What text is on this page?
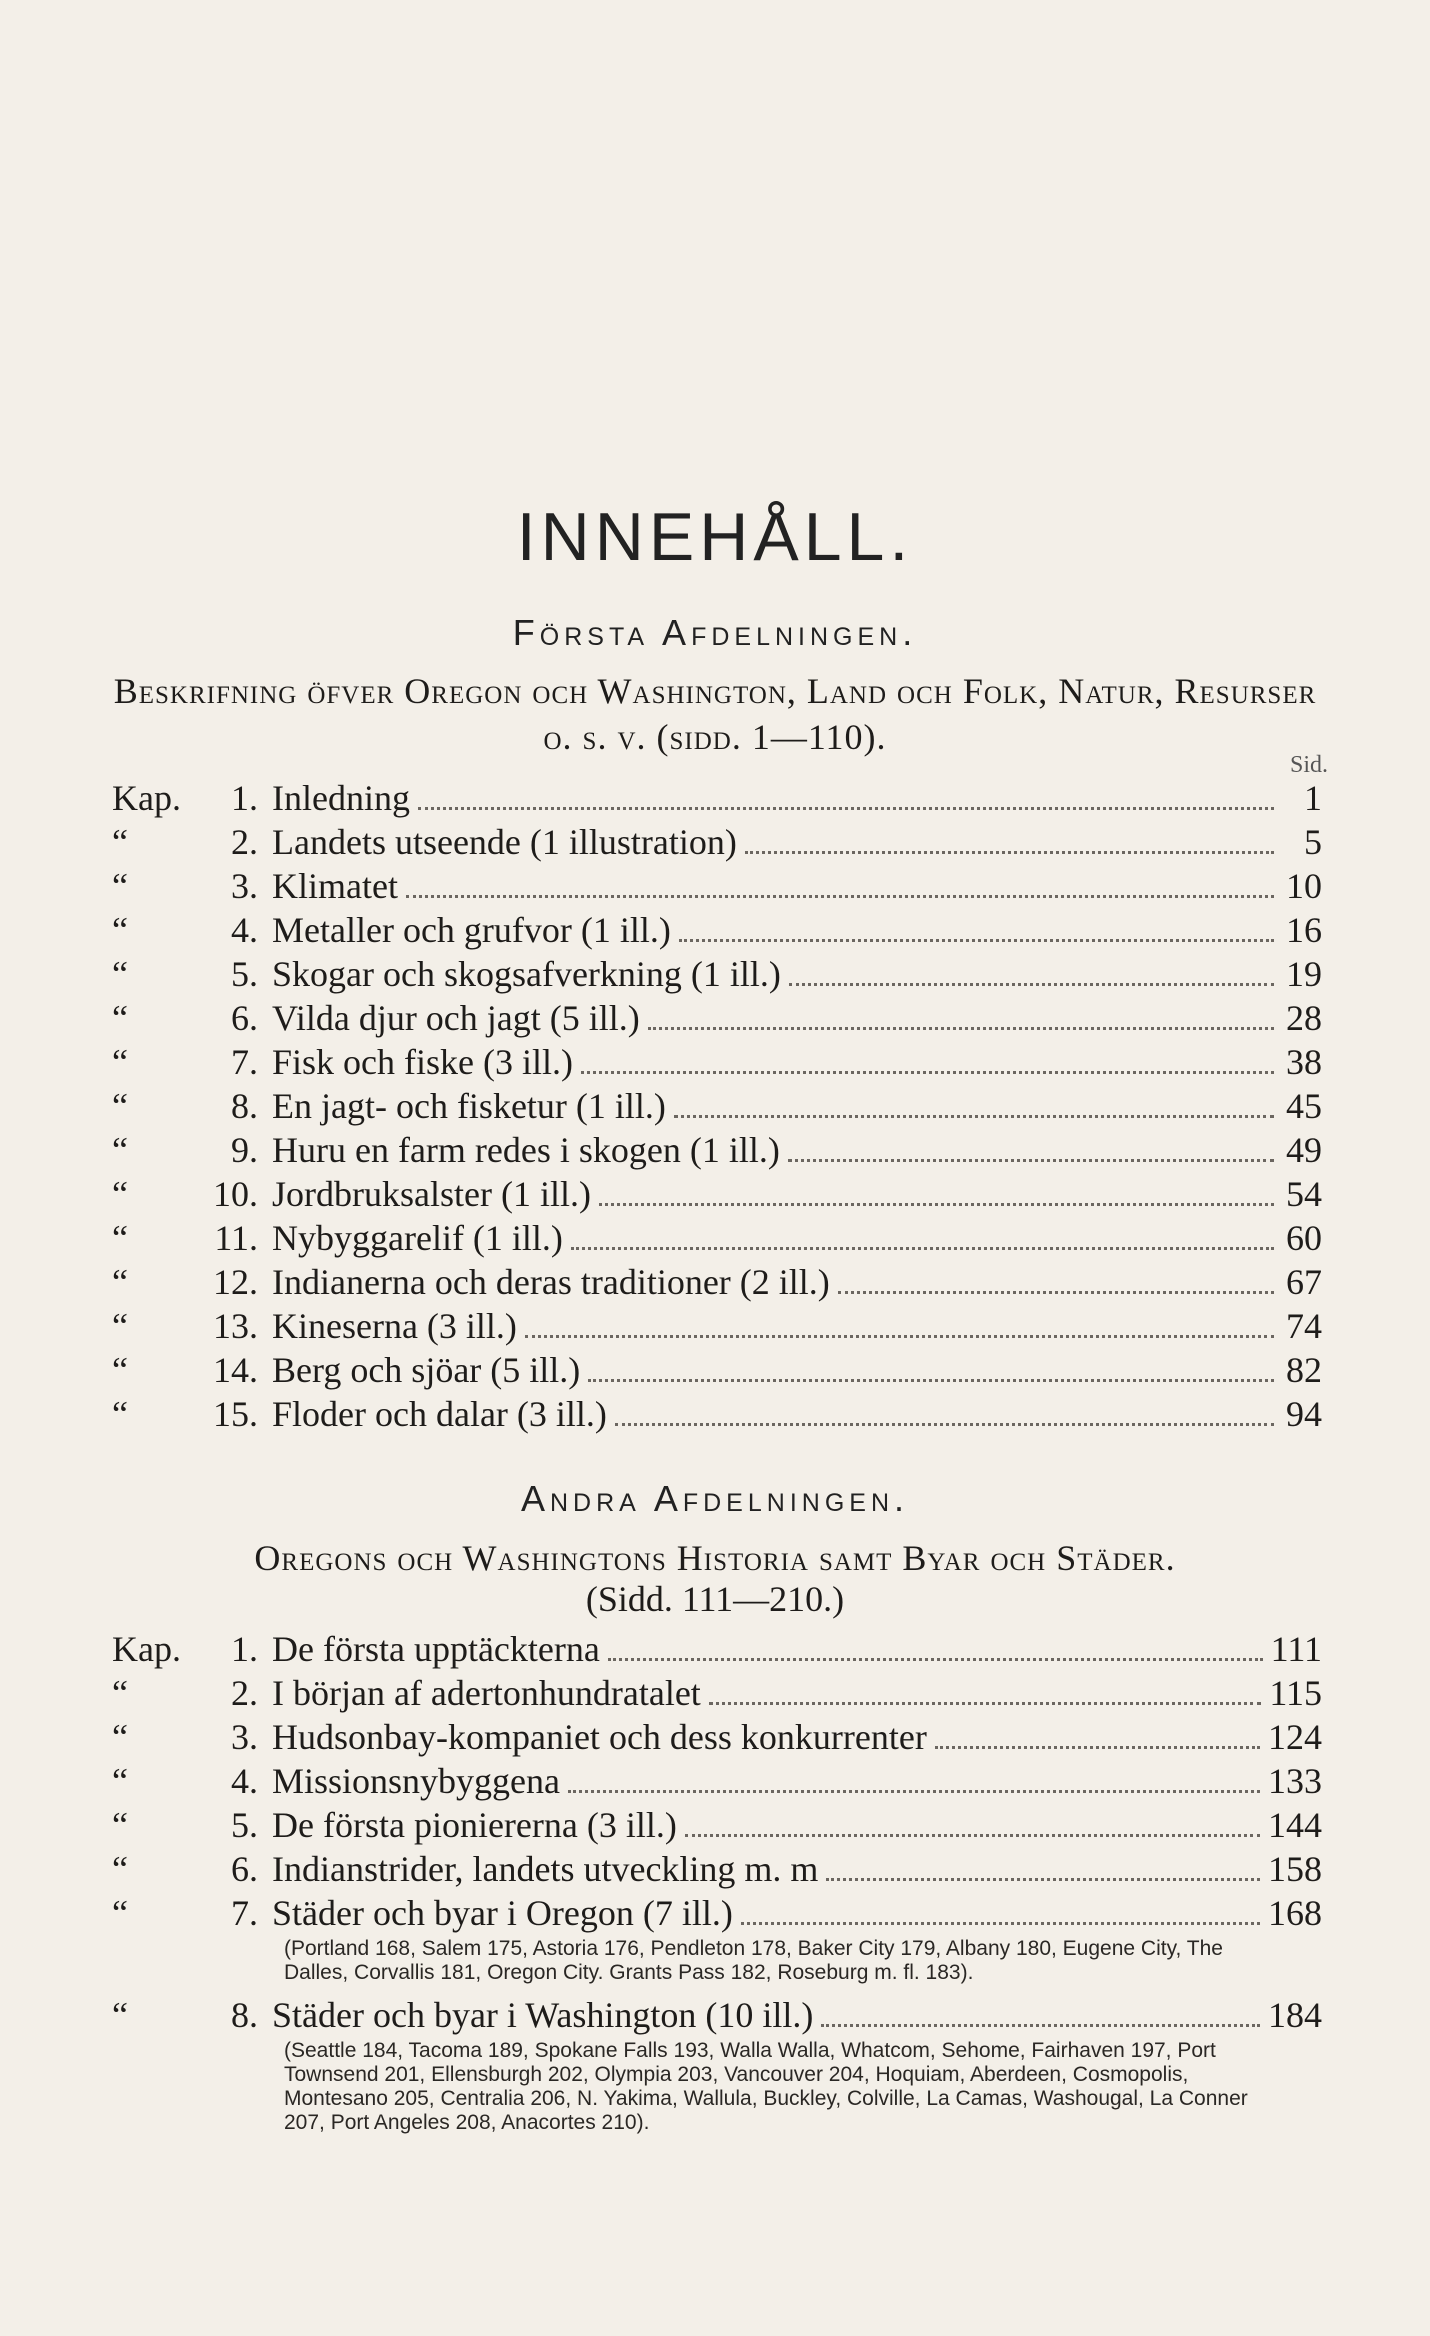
INNEHÅLL.
Första Afdelningen.
Beskrifning öfver Oregon och Washington, Land och Folk, Natur, Resurser o. s. v. (sidd. 1—110).
Sid.
Kap.	1. Inledning	1
“	2. Landets utseende (1 illustration)	5
“	3. Klimatet	10
“	4. Metaller och grufvor (1 ill.)	16
“	5. Skogar och skogsafverkning (1 ill.)	19
“	6. Vilda djur och jagt (5 ill.)	28
“	7. Fisk och fiske (3 ill.)	38
“	8. En jagt- och fisketur (1 ill.)	45
“	9. Huru en farm redes i skogen (1 ill.)	49
“	10. Jordbruksalster (1 ill.)	54
“	11. Nybyggarelif (1 ill.)	60
“	12. Indianerna och deras traditioner (2 ill.)	67
“	13. Kineserna (3 ill.)	74
“	14. Berg och sjöar (5 ill.)	82
“	15. Floder och dalar (3 ill.)	94
Andra Afdelningen.
Oregons och Washingtons Historia samt Byar och Städer.
(Sidd. 111—210.)
Kap.	1. De första upptäckterna	111
“	2. I början af adertonhundratalet	115
“	3. Hudsonbay-kompaniet och dess konkurrenter	124
“	4. Missionsnybyggena	133
“	5. De första pioniererna (3 ill.)	144
“	6. Indianstrider, landets utveckling m. m	158
“	7. Städer och byar i Oregon (7 ill.)	168
(Portland 168, Salem 175, Astoria 176, Pendleton 178, Baker City 179, Albany 180, Eugene City, The Dalles, Corvallis 181, Oregon City. Grants Pass 182, Roseburg m. fl. 183).
“	8. Städer och byar i Washington (10 ill.)	184
(Seattle 184, Tacoma 189, Spokane Falls 193, Walla Walla, Whatcom, Sehome, Fairhaven 197, Port Townsend 201, Ellensburgh 202, Olympia 203, Vancouver 204, Hoquiam, Aberdeen, Cosmopolis, Montesano 205, Centralia 206, N. Yakima, Wallula, Buckley, Colville, La Camas, Washougal, La Conner 207, Port Angeles 208, Anacortes 210).
